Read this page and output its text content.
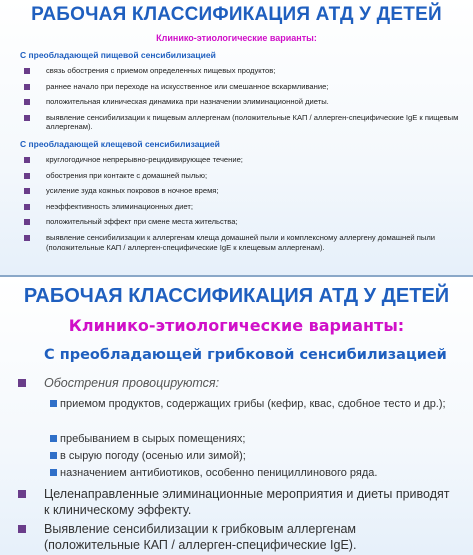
РАБОЧАЯ КЛАССИФИКАЦИЯ АТД У ДЕТЕЙ
Клинико-этиологические варианты:
С преобладающей пищевой сенсибилизацией
связь обострения с приемом определенных пищевых продуктов;
раннее начало при переходе на искусственное или смешанное вскармливание;
положительная клиническая динамика при назначении элиминационной диеты.
выявление сенсибилизации к пищевым аллергенам (положительные КАП / аллерген-специфические IgE к пищевым аллергенам).
С преобладающей клещевой сенсибилизацией
круглогодичное непрерывно-рецидивирующее течение;
обострения при контакте с домашней пылью;
усиление зуда кожных покровов в ночное время;
неэффективность элиминационных диет;
положительный эффект при смене места жительства;
выявление сенсибилизации к аллергенам клеща домашней пыли и комплексному аллергену домашней пыли (положительные КАП / аллерген-специфические IgE к клещевым аллергенам).
РАБОЧАЯ КЛАССИФИКАЦИЯ АТД У ДЕТЕЙ
Клинико-этиологические варианты:
С преобладающей грибковой сенсибилизацией
Обострения провоцируются:
приемом продуктов, содержащих грибы (кефир, квас, сдобное тесто и др.);
пребыванием в сырых помещениях;
в сырую погоду (осенью или зимой);
назначением антибиотиков, особенно пенициллинового ряда.
Целенаправленные элиминационные мероприятия и диеты приводят к клиническому эффекту.
Выявление сенсибилизации к грибковым аллергенам (положительные КАП / аллерген-специфические IgE).
